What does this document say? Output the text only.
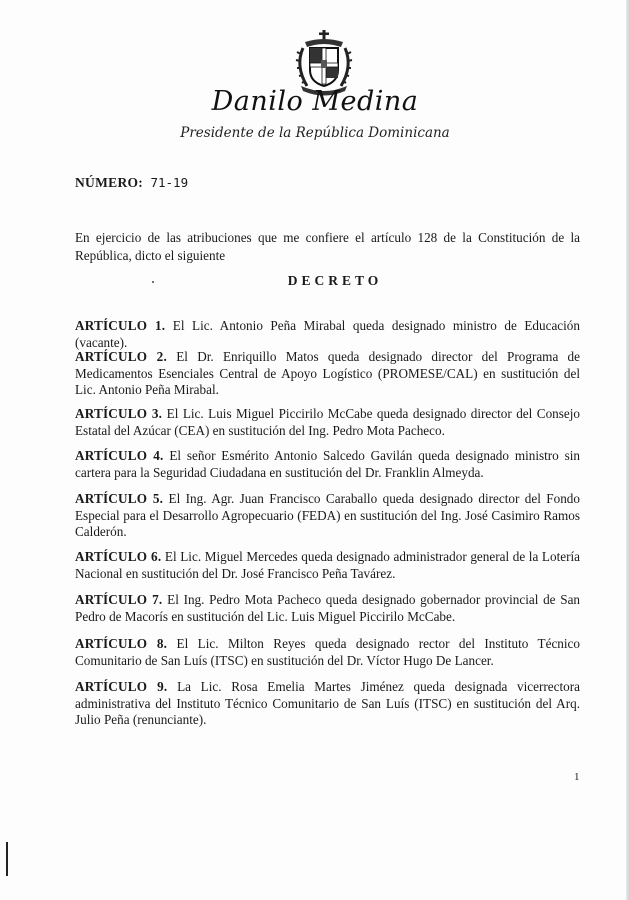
Danilo Medina
Presidente de la República Dominicana
NÚMERO: 71-19
En ejercicio de las atribuciones que me confiere el artículo 128 de la Constitución de la República, dicto el siguiente
DECRETO
ARTÍCULO 1. El Lic. Antonio Peña Mirabal queda designado ministro de Educación (vacante).
ARTÍCULO 2. El Dr. Enriquillo Matos queda designado director del Programa de Medicamentos Esenciales Central de Apoyo Logístico (PROMESE/CAL) en sustitución del Lic. Antonio Peña Mirabal.
ARTÍCULO 3. El Lic. Luis Miguel Piccirilo McCabe queda designado director del Consejo Estatal del Azúcar (CEA) en sustitución del Ing. Pedro Mota Pacheco.
ARTÍCULO 4. El señor Esmérito Antonio Salcedo Gavilán queda designado ministro sin cartera para la Seguridad Ciudadana en sustitución del Dr. Franklin Almeyda.
ARTÍCULO 5. El Ing. Agr. Juan Francisco Caraballo queda designado director del Fondo Especial para el Desarrollo Agropecuario (FEDA) en sustitución del Ing. José Casimiro Ramos Calderón.
ARTÍCULO 6. El Lic. Miguel Mercedes queda designado administrador general de la Lotería Nacional en sustitución del Dr. José Francisco Peña Tavárez.
ARTÍCULO 7. El Ing. Pedro Mota Pacheco queda designado gobernador provincial de San Pedro de Macorís en sustitución del Lic. Luis Miguel Piccirilo McCabe.
ARTÍCULO 8. El Lic. Milton Reyes queda designado rector del Instituto Técnico Comunitario de San Luís (ITSC) en sustitución del Dr. Víctor Hugo De Lancer.
ARTÍCULO 9. La Lic. Rosa Emelia Martes Jiménez queda designada vicerrectora administrativa del Instituto Técnico Comunitario de San Luís (ITSC) en sustitución del Arq. Julio Peña (renunciante).
1
